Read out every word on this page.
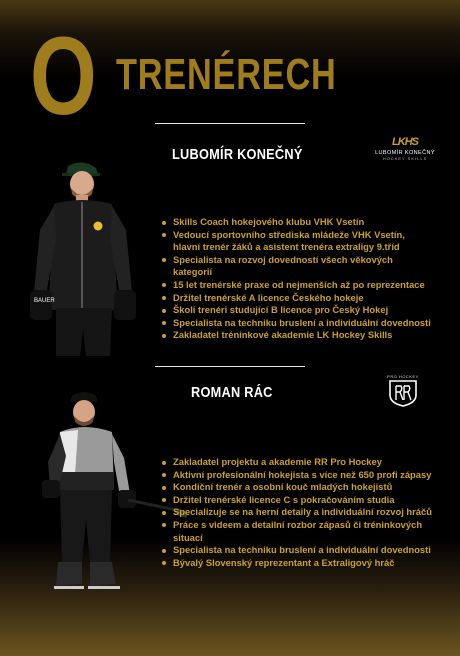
O TRENÉRECH
LUBOMÍR KONEČNÝ
LKHS
LUBOMÍR KONEČNÝ
HOCKEY SKILLS
BAUER
Skills Coach hokejového klubu VHK Vsetín
Vedoucí sportovního střediska mládeže VHK Vsetín, hlavní trenér žáků a asistent trenéra extraligy 9.tříd
Specialista na rozvoj dovedností všech věkových kategorií
15 let trenérské praxe od nejmenších až po reprezentace
Držitel trenérské A licence Českého hokeje
Školí trenéri studující B licence pro Český Hokej
Specialista na techniku bruslení a individuální dovednosti
Zakladatel tréninkové akademie LK Hockey Skills
ROMAN RÁC
PRO HOCKEY
Zakladatel projektu a akademie RR Pro Hockey
Aktivní profesionální hokejista s více než 650 profi zápasy
Kondiční trenér a osobní kouč mladých hokejistů
Držitel trenérské licence C s pokračováním studia
Specializuje se na herní detaily a individuální rozvoj hráčů
Práce s videem a detailní rozbor zápasů či tréninkových situací
Specialista na techniku bruslení a individuální dovednosti
Bývalý Slovenský reprezentant a Extraligový hráč
